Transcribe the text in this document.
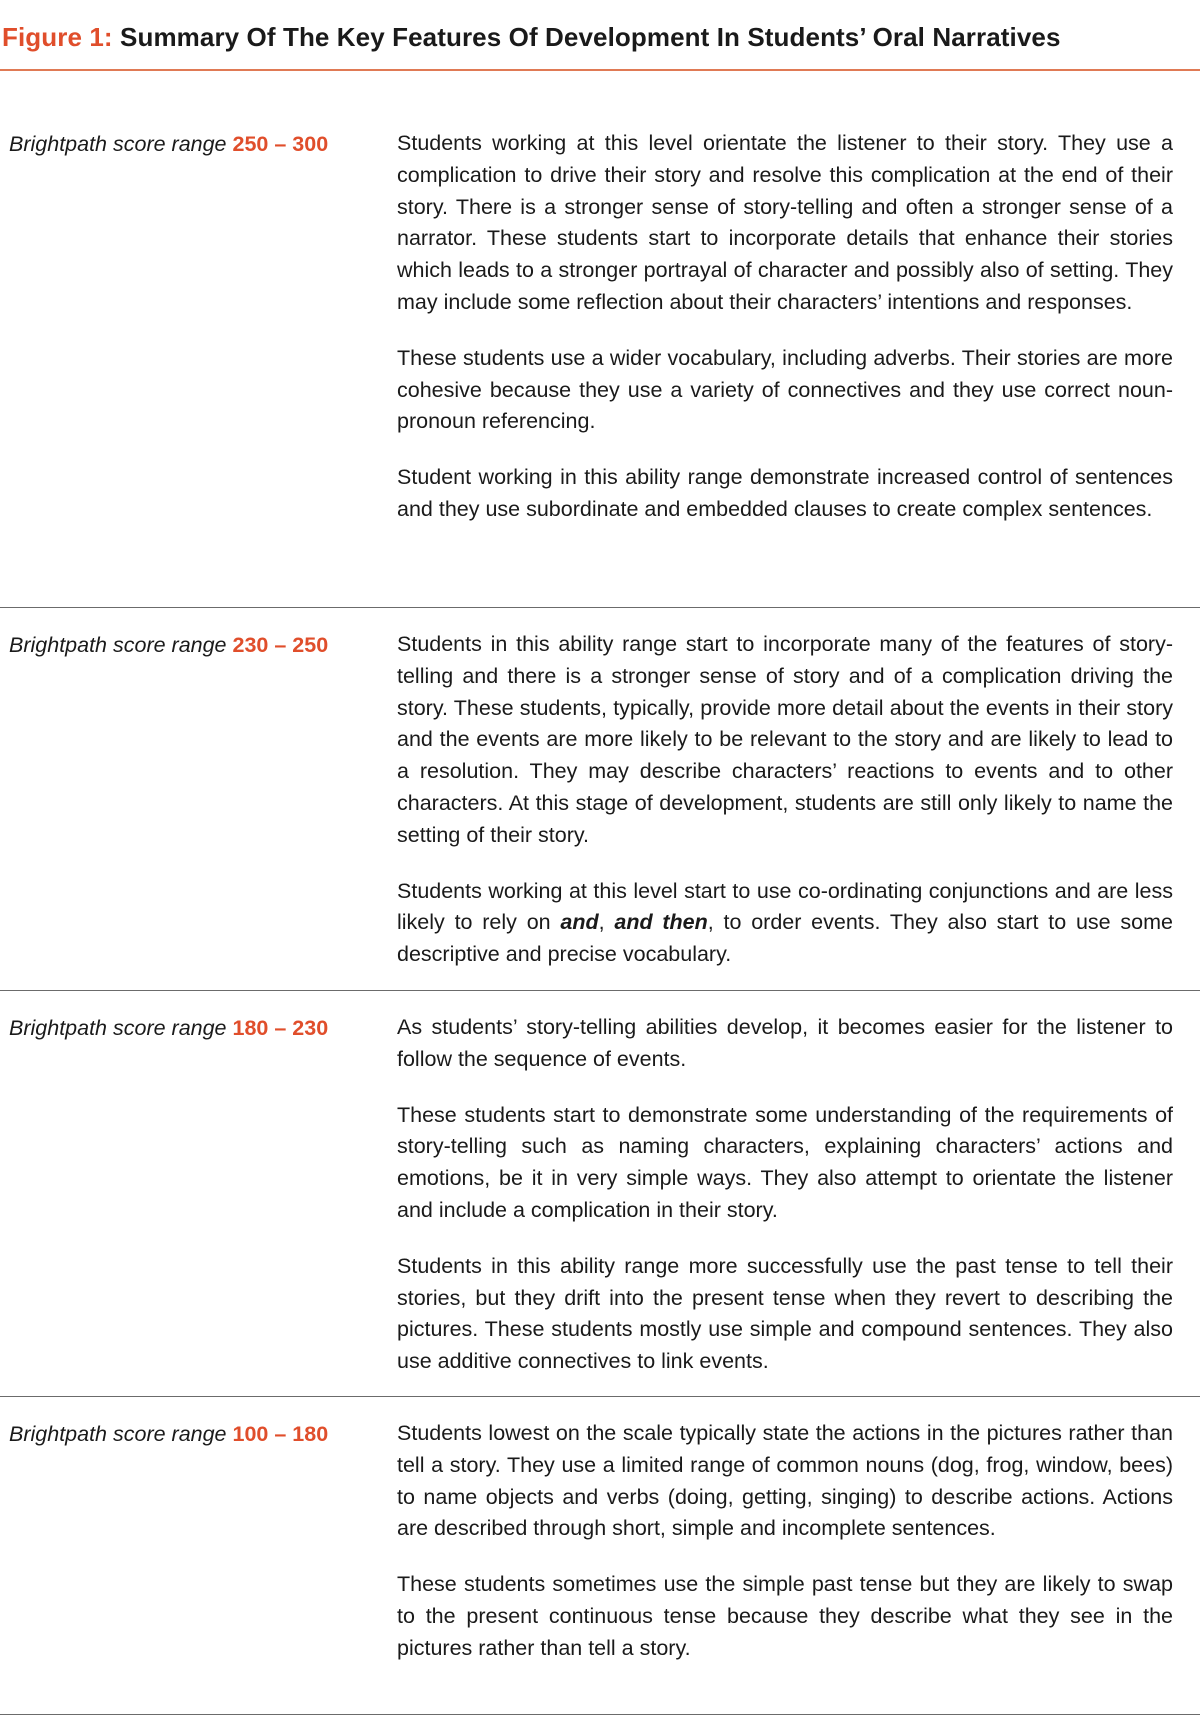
Figure 1: Summary Of The Key Features Of Development In Students’ Oral Narratives
Brightpath score range 250 – 300	Students working at this level orientate the listener to their story. They use a complication to drive their story and resolve this complication at the end of their story. There is a stronger sense of story-telling and often a stronger sense of a narrator. These students start to incorporate details that enhance their stories which leads to a stronger portrayal of character and possibly also of setting. They may include some reflection about their characters’ intentions and responses.

These students use a wider vocabulary, including adverbs. Their stories are more cohesive because they use a variety of connectives and they use correct noun-pronoun referencing.

Student working in this ability range demonstrate increased control of sentences and they use subordinate and embedded clauses to create complex sentences.

Brightpath score range 230 – 250	Students in this ability range start to incorporate many of the features of story-telling and there is a stronger sense of story and of a complication driving the story. These students, typically, provide more detail about the events in their story and the events are more likely to be relevant to the story and are likely to lead to a resolution. They may describe characters’ reactions to events and to other characters. At this stage of development, students are still only likely to name the setting of their story.

Students working at this level start to use co-ordinating conjunctions and are less likely to rely on and, and then, to order events. They also start to use some descriptive and precise vocabulary.

Brightpath score range 180 – 230	As students’ story-telling abilities develop, it becomes easier for the listener to follow the sequence of events.

These students start to demonstrate some understanding of the requirements of story-telling such as naming characters, explaining characters’ actions and emotions, be it in very simple ways. They also attempt to orientate the listener and include a complication in their story.

Students in this ability range more successfully use the past tense to tell their stories, but they drift into the present tense when they revert to describing the pictures. These students mostly use simple and compound sentences. They also use additive connectives to link events.

Brightpath score range 100 – 180	Students lowest on the scale typically state the actions in the pictures rather than tell a story. They use a limited range of common nouns (dog, frog, window, bees) to name objects and verbs (doing, getting, singing) to describe actions. Actions are described through short, simple and incomplete sentences.

These students sometimes use the simple past tense but they are likely to swap to the present continuous tense because they describe what they see in the pictures rather than tell a story.
